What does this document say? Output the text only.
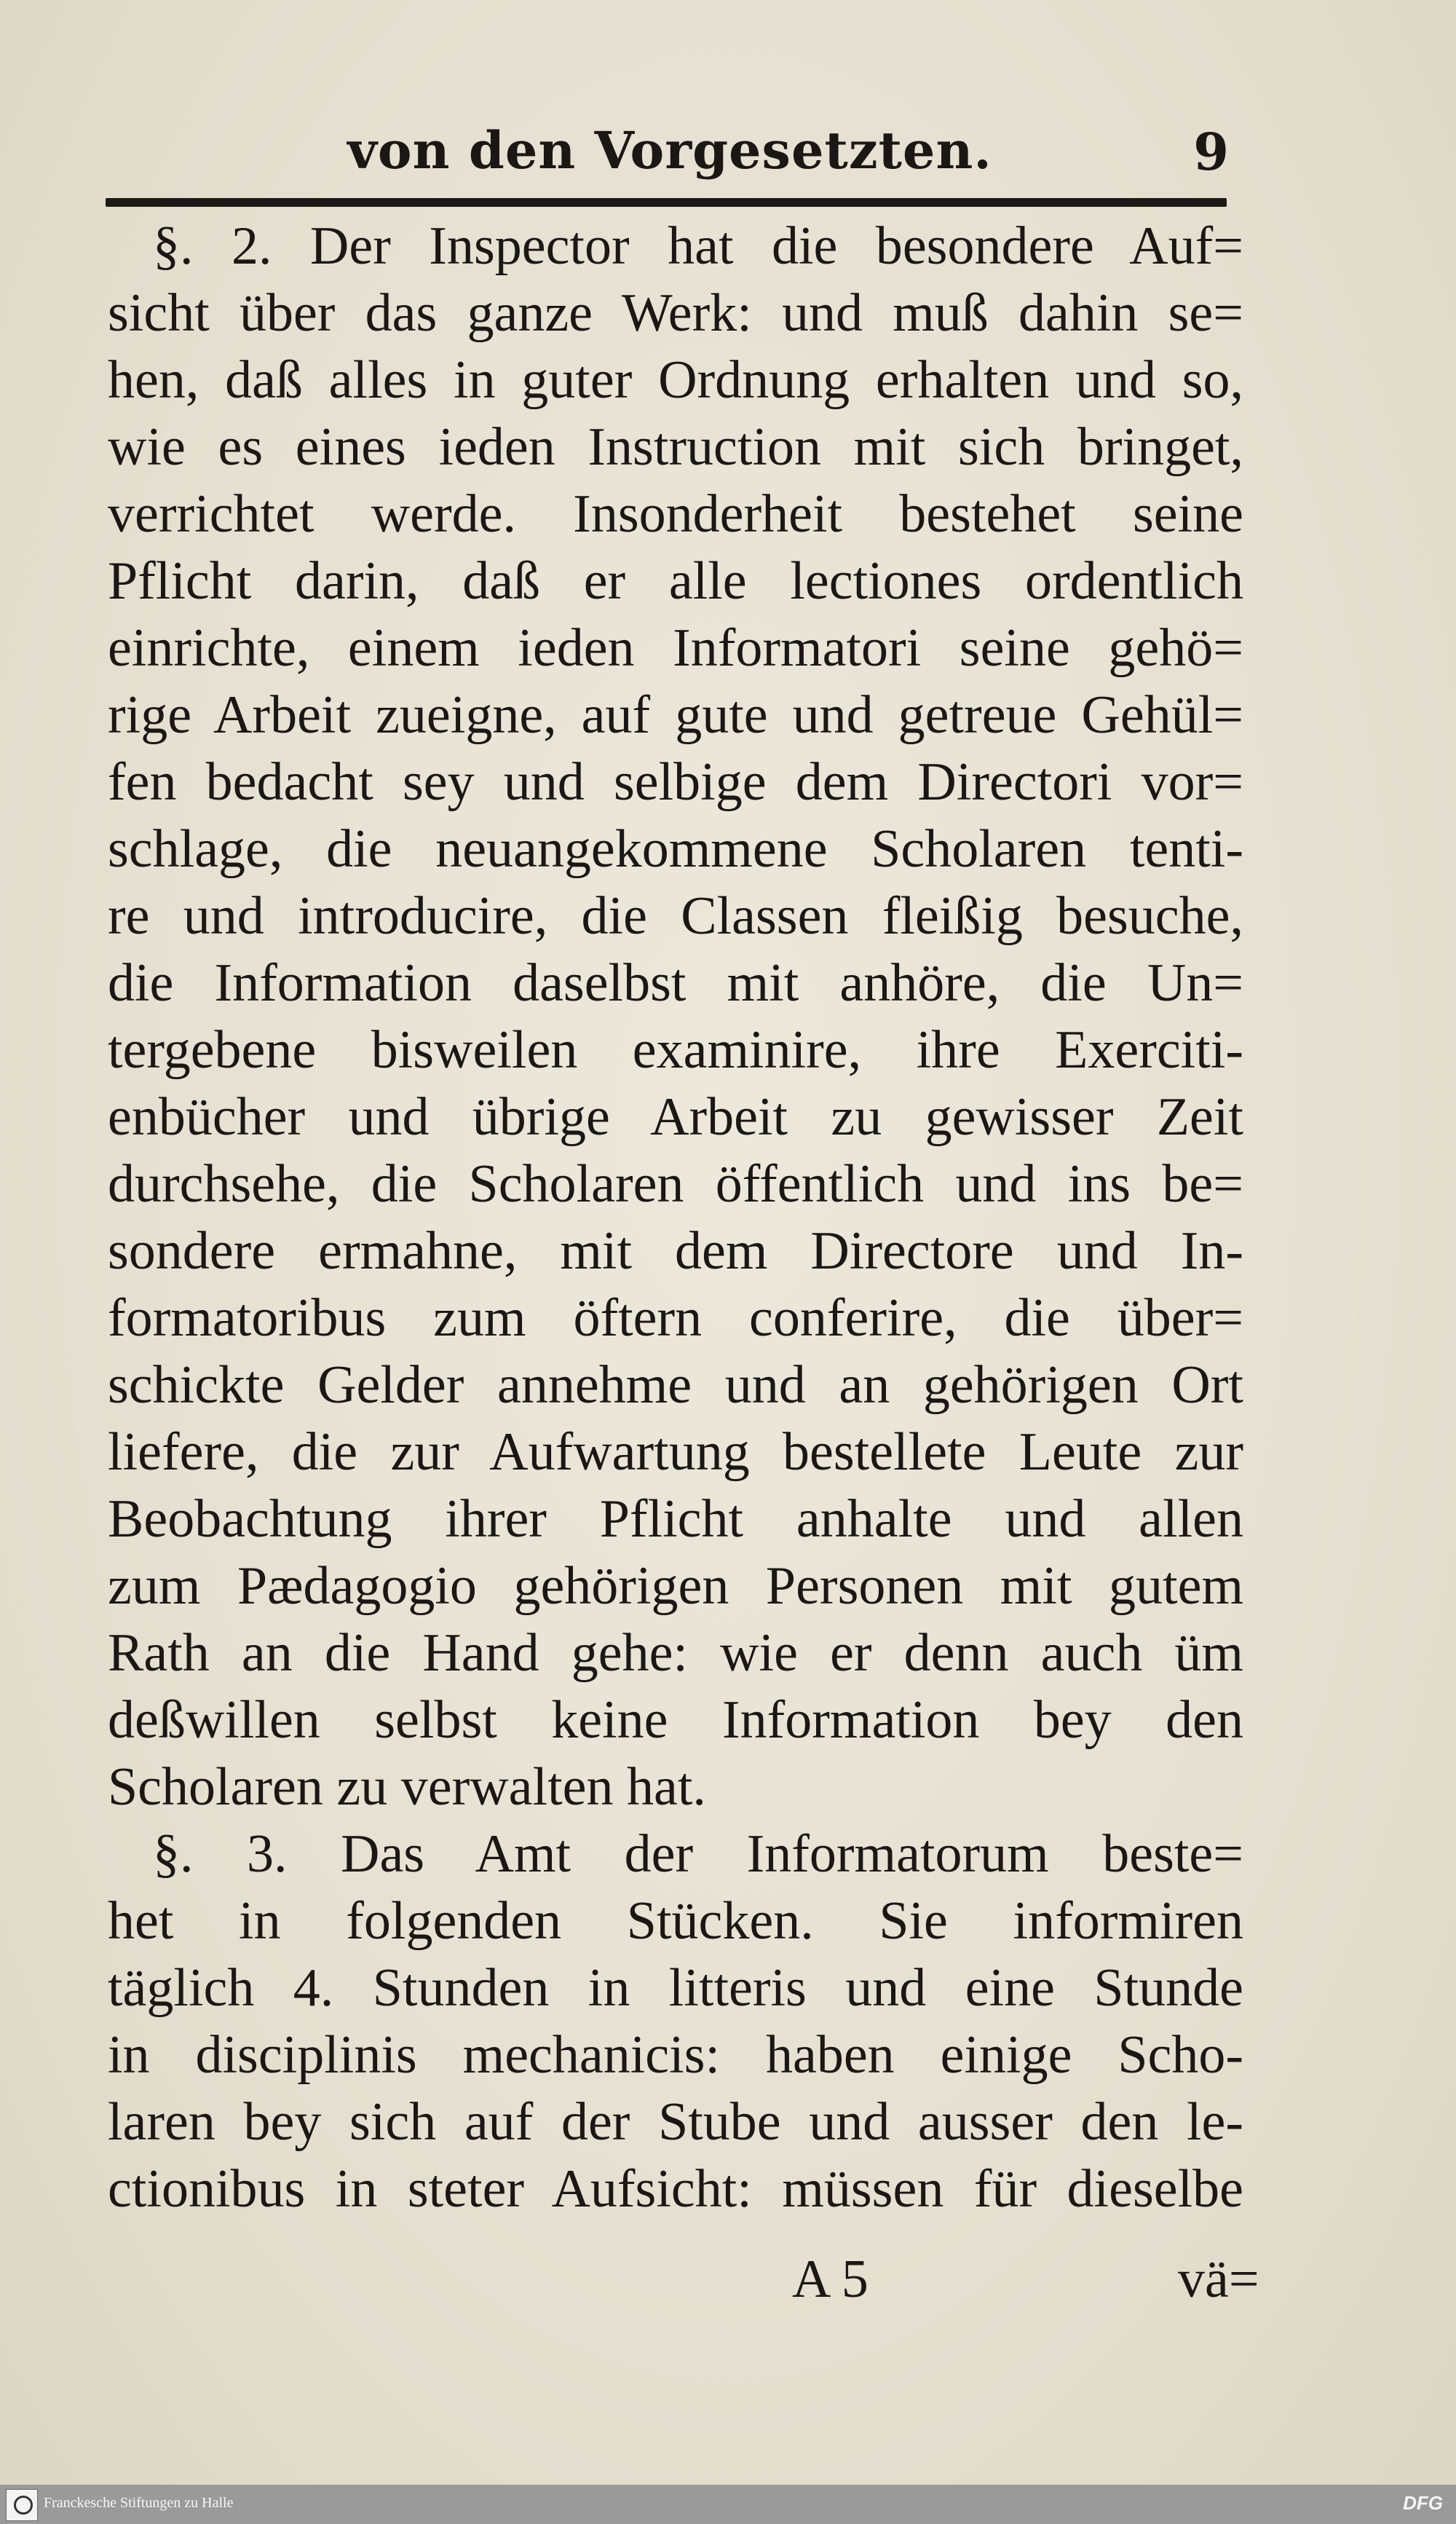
von den Vorgesetzten.	9
§. 2. Der Inspector hat die besondere Auf=
sicht über das ganze Werk: und muß dahin se=
hen, daß alles in guter Ordnung erhalten und so,
wie es eines ieden Instruction mit sich bringet,
verrichtet werde. Insonderheit bestehet seine
Pflicht darin, daß er alle lectiones ordentlich
einrichte, einem ieden Informatori seine gehö=
rige Arbeit zueigne, auf gute und getreue Gehül=
fen bedacht sey und selbige dem Directori vor=
schlage, die neuangekommene Scholaren tenti-
re und introducire, die Classen fleißig besuche,
die Information daselbst mit anhöre, die Un=
tergebene bisweilen examinire, ihre Exerciti-
enbücher und übrige Arbeit zu gewisser Zeit
durchsehe, die Scholaren öffentlich und ins be=
sondere ermahne, mit dem Directore und In-
formatoribus zum öftern conferire, die über=
schickte Gelder annehme und an gehörigen Ort
liefere, die zur Aufwartung bestellete Leute zur
Beobachtung ihrer Pflicht anhalte und allen
zum Pædagogio gehörigen Personen mit gutem
Rath an die Hand gehe: wie er denn auch üm
deßwillen selbst keine Information bey den
Scholaren zu verwalten hat.
§. 3. Das Amt der Informatorum beste=
het in folgenden Stücken. Sie informiren
täglich 4. Stunden in litteris und eine Stunde
in disciplinis mechanicis: haben einige Scho-
laren bey sich auf der Stube und ausser den le-
ctionibus in steter Aufsicht: müssen für dieselbe
A 5	vä=
Franckesche Stiftungen zu Halle	DFG
